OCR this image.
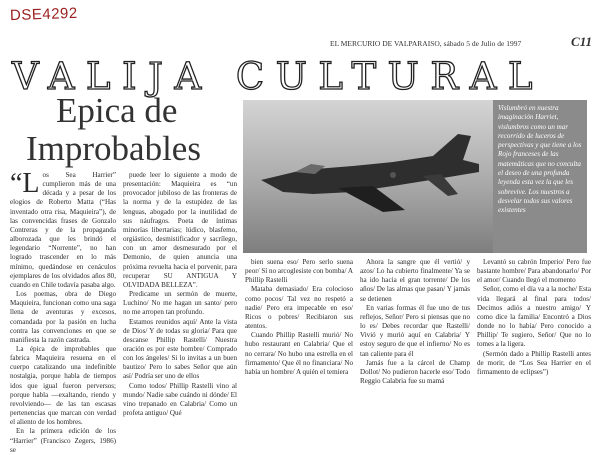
DSE4292
EL MERCURIO DE VALPARAISO, sábado 5 de Julio de 1997	C11
VALIJA CULTURAL
Epica de
Improbables

“Los Sea Harrier” cumplieron más de una década y a pesar de los elogios de Roberto Matta (“Has inventado otra risa, Maquieira”), de las convencidas frases de Gonzalo Contreras y de la propaganda alborozada que les brindó el legendario “Norrente”, no han logrado trascender en lo más mínimo, quedándose en cenáculos ejemplares de los olvidados años 80, cuando en Chile todavía pasaba algo.

Los poemas, obra de Diego Maquieira, funcionan como una saga llena de aventuras y excesos, comandada por la pasión en lucha contra las convenciones en que se manifiesta la razón castrada.

La épica de improbables que fabrica Maquieira resuena en el cuerpo catalizando una indefinible nostalgia, porque habla de tiempos idos que igual fueron perversos; porque habla —exaltando, riendo y revolviendo— de las tan escasas pertenencias que marcan con verdad el aliento de los hombres.

En la primera edición de los “Harrier” (Francisco Zegers, 1986) se

puede leer lo siguiente a modo de presentación: Maquieira es “un provocador jubiloso de las fronteras de la norma y de la estupidez de las lenguas, abogado por la inutilidad de sus náufragos. Poeta de íntimas minorías libertarias; lúdico, blasfemo, orgiástico, desmistificador y sacrílego, con un amor desmesurado por el Demonio, de quien anuncia una próxima revuelta hacia el porvenir, para recuperar SU ANTIGUA Y OLVIDADA BELLEZA”.

Predicame un sermón de muerte, Luchino/ No me hagan un santo/ pero no me arropen tan profundo.

Estamos reunidos aquí/ Ante la vista de Dios/ Y de todas su gloria/ Para que descanse Phillip Rastelli/ Nuestra oración es por este hombre/ Comprado con los ángeles/ Si lo invitas a un buen bautizo/ Pero lo sabes Señor que aún así/ Podría ser uno de ellos

Como todos/ Phillip Rastelli vino al mundo/ Nadie sabe cuándo ni dónde/ El vino trepanado en Calabria/ Como un profeta antiguo/ Qué

Vislumbró en nuestra imaginación Harriet, vislumbros como un mar recorrido de luceros de perspectivas y que tiene a los Rojo franceses de las matemáticas que no conculta el deseo de una profunda leyenda esta vez la que les sobrevive. Los nuestros a desvelar todos sus valores existentes

bien suena eso/ Pero serlo suena peor/ Sí no arcoglesiste con bomba/ A Phillip Rastelli

Mataba demasiado/ Era colocioso como pocos/ Tal vez no respetó a nadie/ Pero era impecable en eso/ Ricos o pobres/ Recibiaron sus atentos.

Cuando Phillip Rastelli murió/ No hubo restaurant en Calabria/ Que el no cerrara/ No hubo una estrella en el firmamento/ Que él no financiara/ No había un hombre/ A quién el temiera

Ahora la sangre que él vertió/ y azos/ Lo ha cubierto finalmente/ Ya se ha ido hacia el gran torrente/ De los años/ De las almas que pasan/ Y jamás se detienen

En varias formas él fue uno de tus reflejos, Señor/ Pero si piensas que no lo es/ Debes recordar que Rastelli/ Vivió y murió aquí en Calabria/ Y estoy seguro de que el infierno/ No es tan caliente para él

Jamás fue a la cárcel de Champ Dollot/ No pudieron hacerle eso/ Todo Reggio Calabria fue su mamá

Levantó su cabrón Imperio/ Pero fue bastante hombre/ Para abandonarlo/ Por el amor/ Cuando llegó el momento

Señor, como el día va a la noche/ Esta vida llegará al final para todos/ Decimos adiós a nuestro amigo/ Y como dice la familia/ Encontró a Dios donde no lo había/ Pero conocido a Phillip/ Te sugiero, Señor/ Que no lo tomes a la ligera.

(Sermón dado a Phillip Rastelli antes de morir, de “Los Sea Harrier en el firmamento de eclipses”)
